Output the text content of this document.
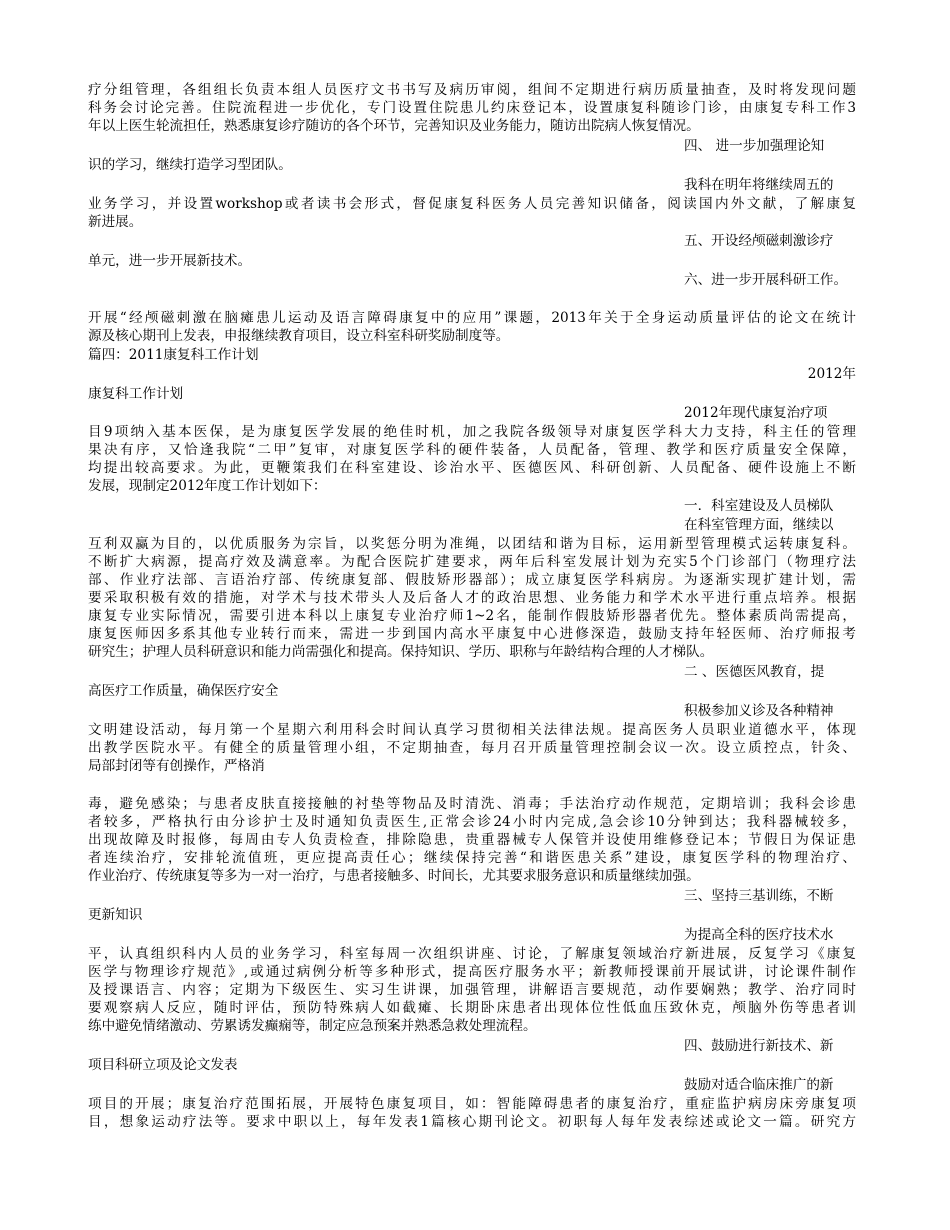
疗分组管理，各组组长负责本组人员医疗文书书写及病历审阅，组间不定期进行病历质量抽查，及时将发现问题
科务会讨论完善。住院流程进一步优化，专门设置住院患儿约床登记本，设置康复科随诊门诊，由康复专科工作3
年以上医生轮流担任，熟悉康复诊疗随访的各个环节，完善知识及业务能力，随访出院病人恢复情况。
四、 进一步加强理论知
识的学习，继续打造学习型团队。
我科在明年将继续周五的
业务学习，并设置workshop或者读书会形式，督促康复科医务人员完善知识储备，阅读国内外文献，了解康复
新进展。
五、开设经颅磁刺激诊疗
单元，进一步开展新技术。
六、进一步开展科研工作。
开展“经颅磁刺激在脑瘫患儿运动及语言障碍康复中的应用”课题，2013年关于全身运动质量评估的论文在统计
源及核心期刊上发表，申报继续教育项目，设立科室科研奖励制度等。
篇四：2011康复科工作计划
2012年
康复科工作计划
2012年现代康复治疗项
目9项纳入基本医保，是为康复医学发展的绝佳时机，加之我院各级领导对康复医学科大力支持，科主任的管理
果决有序，又恰逢我院“二甲”复审，对康复医学科的硬件装备，人员配备，管理、教学和医疗质量安全保障，
均提出较高要求。为此，更鞭策我们在科室建设、诊治水平、医德医风、科研创新、人员配备、硬件设施上不断
发展，现制定2012年度工作计划如下：
一．科室建设及人员梯队
在科室管理方面，继续以
互利双赢为目的，以优质服务为宗旨，以奖惩分明为准绳，以团结和谐为目标，运用新型管理模式运转康复科。
不断扩大病源，提高疗效及满意率。为配合医院扩建要求，两年后科室发展计划为充实5个门诊部门（物理疗法
部、作业疗法部、言语治疗部、传统康复部、假肢矫形器部）；成立康复医学科病房。为逐渐实现扩建计划，需
要采取积极有效的措施，对学术与技术带头人及后备人才的政治思想、业务能力和学术水平进行重点培养。根据
康复专业实际情况，需要引进本科以上康复专业治疗师1~2名，能制作假肢矫形器者优先。整体素质尚需提高，
康复医师因多系其他专业转行而来，需进一步到国内高水平康复中心进修深造，鼓励支持年轻医师、治疗师报考
研究生；护理人员科研意识和能力尚需强化和提高。保持知识、学历、职称与年龄结构合理的人才梯队。
二 、医德医风教育，提
高医疗工作质量，确保医疗安全
积极参加义诊及各种精神
文明建设活动，每月第一个星期六利用科会时间认真学习贯彻相关法律法规。提高医务人员职业道德水平，体现
出教学医院水平。有健全的质量管理小组，不定期抽查，每月召开质量管理控制会议一次。设立质控点，针灸、
局部封闭等有创操作，严格消
毒，避免感染；与患者皮肤直接接触的衬垫等物品及时清洗、消毒；手法治疗动作规范，定期培训；我科会诊患
者较多，严格执行由分诊护士及时通知负责医生,正常会诊24小时内完成,急会诊10分钟到达；我科器械较多，
出现故障及时报修，每周由专人负责检查，排除隐患，贵重器械专人保管并设使用维修登记本；节假日为保证患
者连续治疗，安排轮流值班，更应提高责任心；继续保持完善“和谐医患关系”建设，康复医学科的物理治疗、
作业治疗、传统康复等多为一对一治疗，与患者接触多、时间长，尤其要求服务意识和质量继续加强。
三、坚持三基训练，不断
更新知识
为提高全科的医疗技术水
平，认真组织科内人员的业务学习，科室每周一次组织讲座、讨论，了解康复领域治疗新进展，反复学习《康复
医学与物理诊疗规范》,或通过病例分析等多种形式，提高医疗服务水平；新教师授课前开展试讲，讨论课件制作
及授课语言、内容；定期为下级医生、实习生讲课，加强管理，讲解语言要规范，动作要娴熟；教学、治疗同时
要观察病人反应，随时评估，预防特殊病人如截瘫、长期卧床患者出现体位性低血压致休克，颅脑外伤等患者训
练中避免情绪激动、劳累诱发癫痫等，制定应急预案并熟悉急救处理流程。
四、鼓励进行新技术、新
项目科研立项及论文发表
鼓励对适合临床推广的新
项目的开展；康复治疗范围拓展，开展特色康复项目，如：智能障碍患者的康复治疗，重症监护病房床旁康复项
目，想象运动疗法等。要求中职以上，每年发表1篇核心期刊论文。初职每人每年发表综述或论文一篇。研究方
